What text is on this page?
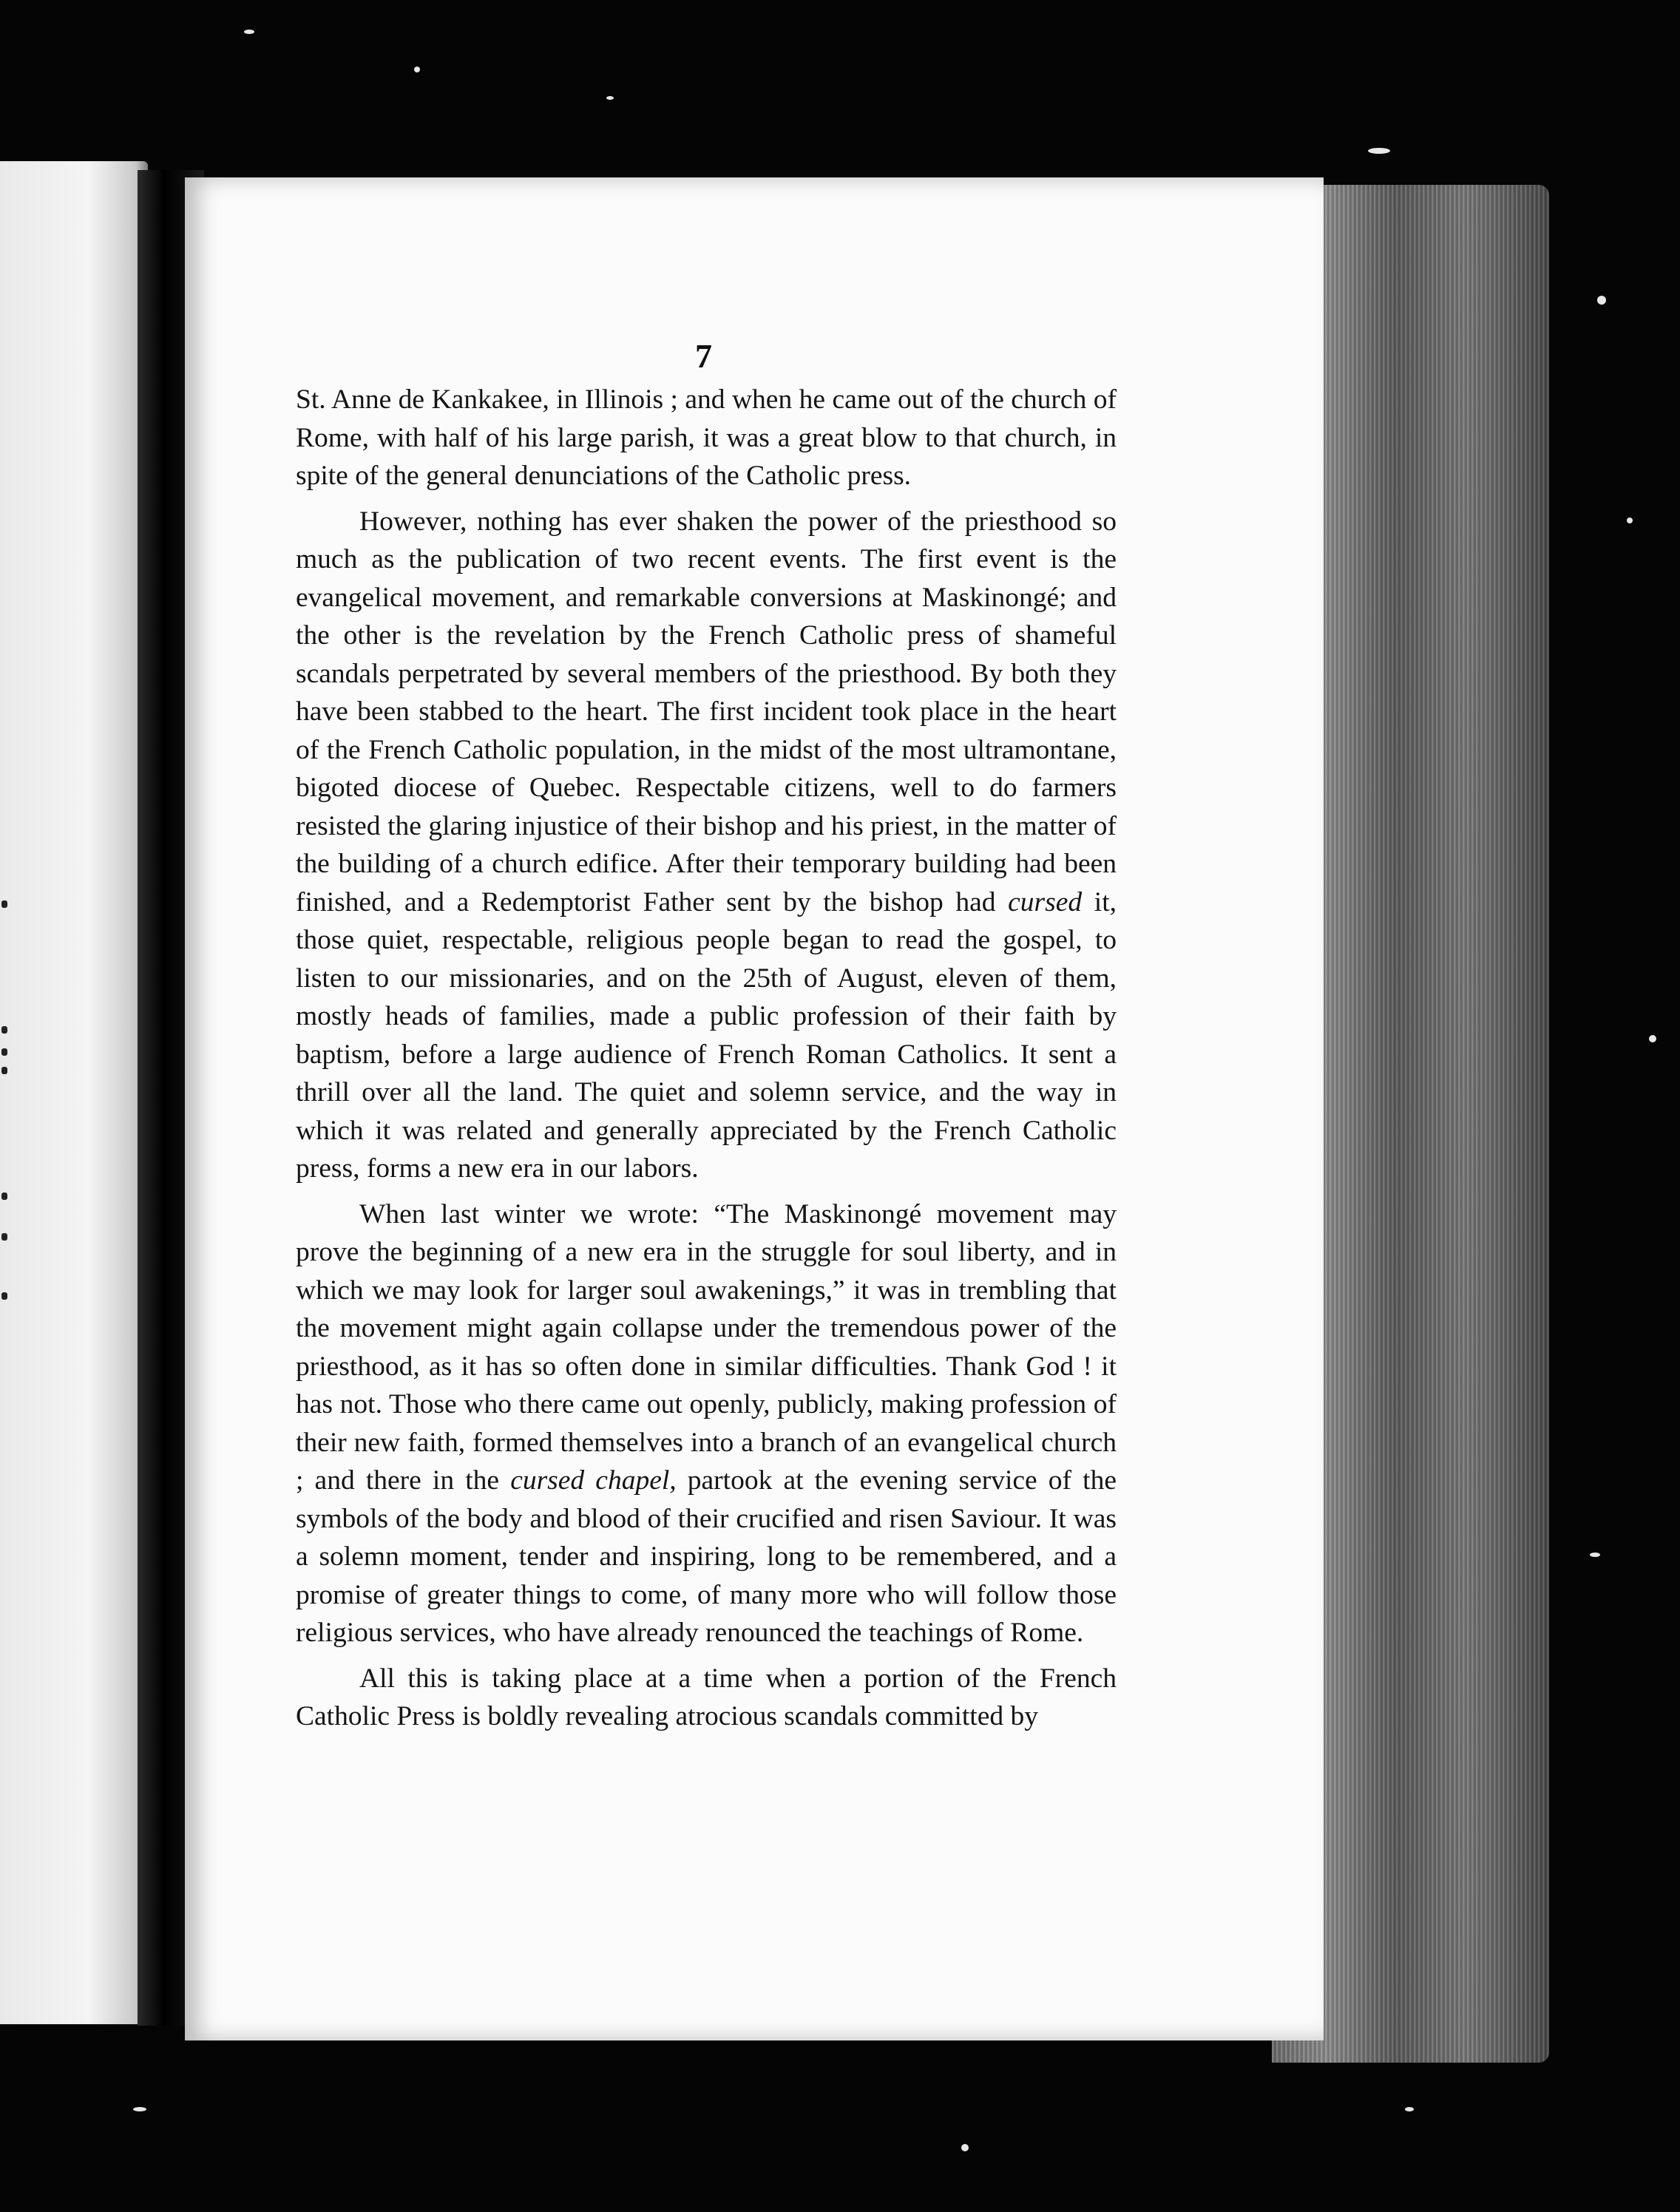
7

St. Anne de Kankakee, in Illinois ; and when he came out of the church of Rome, with half of his large parish, it was a great blow to that church, in spite of the general denunciations of the Catholic press.

However, nothing has ever shaken the power of the priesthood so much as the publication of two recent events. The first event is the evangelical movement, and remarkable conversions at Maskinongé; and the other is the revelation by the French Catholic press of shameful scandals perpetrated by several members of the priesthood. By both they have been stabbed to the heart. The first incident took place in the heart of the French Catholic population, in the midst of the most ultramontane, bigoted diocese of Quebec. Respectable citizens, well to do farmers resisted the glaring injustice of their bishop and his priest, in the matter of the building of a church edifice. After their temporary building had been finished, and a Redemptorist Father sent by the bishop had cursed it, those quiet, respectable, religious people began to read the gospel, to listen to our missionaries, and on the 25th of August, eleven of them, mostly heads of families, made a public profession of their faith by baptism, before a large audience of French Roman Catholics. It sent a thrill over all the land. The quiet and solemn service, and the way in which it was related and generally appreciated by the French Catholic press, forms a new era in our labors.

When last winter we wrote: “The Maskinongé movement may prove the beginning of a new era in the struggle for soul liberty, and in which we may look for larger soul awakenings,” it was in trembling that the movement might again collapse under the tremendous power of the priesthood, as it has so often done in similar difficulties. Thank God ! it has not. Those who there came out openly, publicly, making profession of their new faith, formed themselves into a branch of an evangelical church ; and there in the cursed chapel, partook at the evening service of the symbols of the body and blood of their crucified and risen Saviour. It was a solemn moment, tender and inspiring, long to be remembered, and a promise of greater things to come, of many more who will follow those religious services, who have already renounced the teachings of Rome.

All this is taking place at a time when a portion of the French Catholic Press is boldly revealing atrocious scandals committed by
